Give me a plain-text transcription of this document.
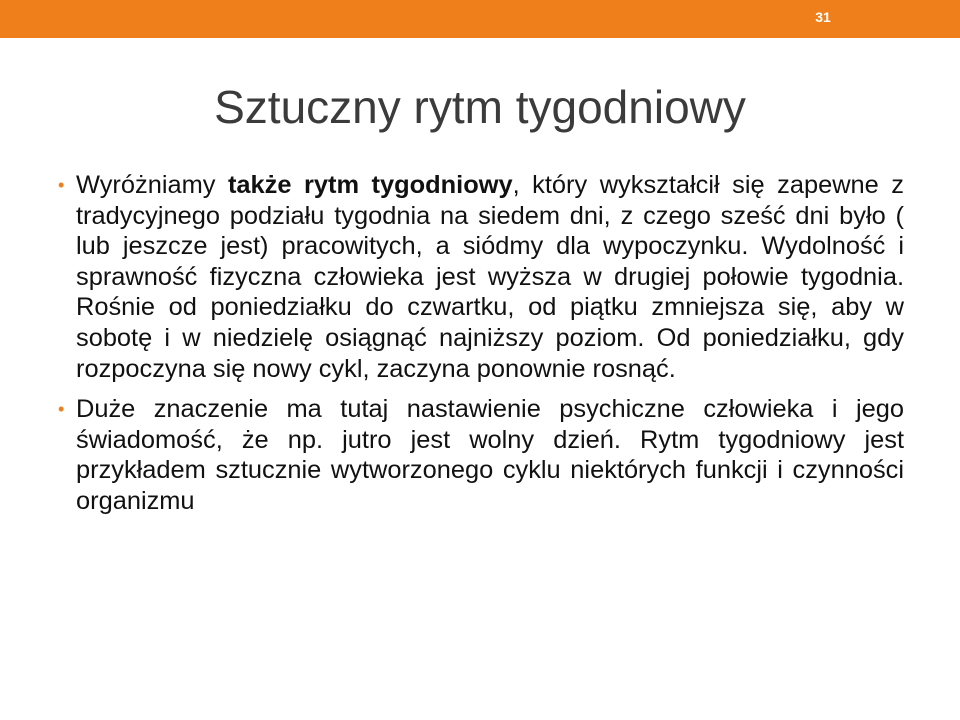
31
Sztuczny rytm tygodniowy
• Wyróżniamy także rytm tygodniowy, który wykształcił się zapewne z tradycyjnego podziału tygodnia na siedem dni, z czego sześć dni było ( lub jeszcze jest) pracowitych, a siódmy dla wypoczynku. Wydolność i sprawność fizyczna człowieka jest wyższa w drugiej połowie tygodnia. Rośnie od poniedziałku do czwartku, od piątku zmniejsza się, aby w sobotę i w niedzielę osiągnąć najniższy poziom. Od poniedziałku, gdy rozpoczyna się nowy cykl, zaczyna ponownie rosnąć.
• Duże znaczenie ma tutaj nastawienie psychiczne człowieka i jego świadomość, że np. jutro jest wolny dzień. Rytm tygodniowy jest przykładem sztucznie wytworzonego cyklu niektórych funkcji i czynności organizmu
